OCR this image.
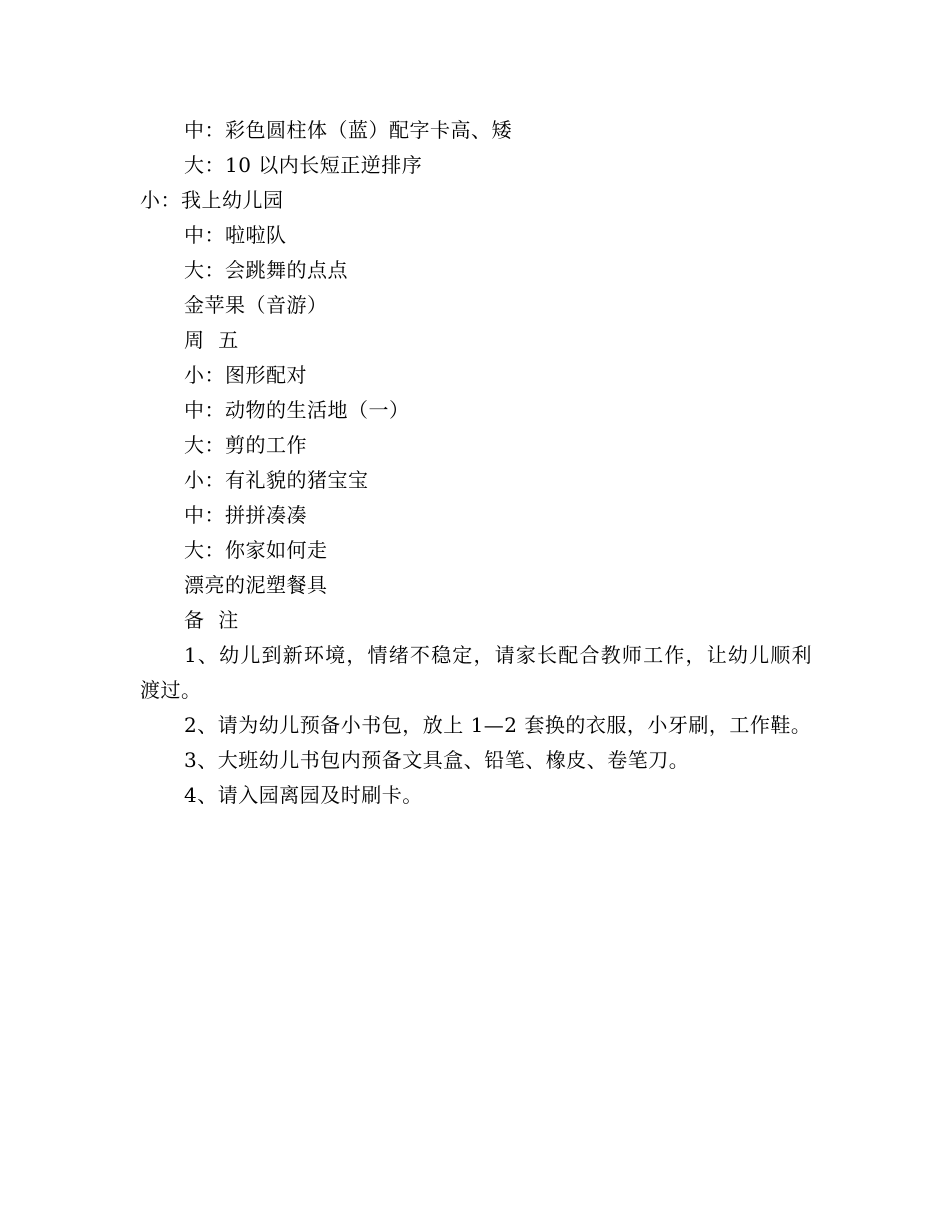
中：彩色圆柱体（蓝）配字卡高、矮
大：10 以内长短正逆排序
小：我上幼儿园
中：啦啦队
大：会跳舞的点点
金苹果（音游）
周  五
小：图形配对
中：动物的生活地（一）
大：剪的工作
小：有礼貌的猪宝宝
中：拼拼凑凑
大：你家如何走
漂亮的泥塑餐具
备  注
1、幼儿到新环境，情绪不稳定，请家长配合教师工作，让幼儿顺利渡过。
2、请为幼儿预备小书包，放上 1—2 套换的衣服，小牙刷，工作鞋。
3、大班幼儿书包内预备文具盒、铅笔、橡皮、卷笔刀。
4、请入园离园及时刷卡。
